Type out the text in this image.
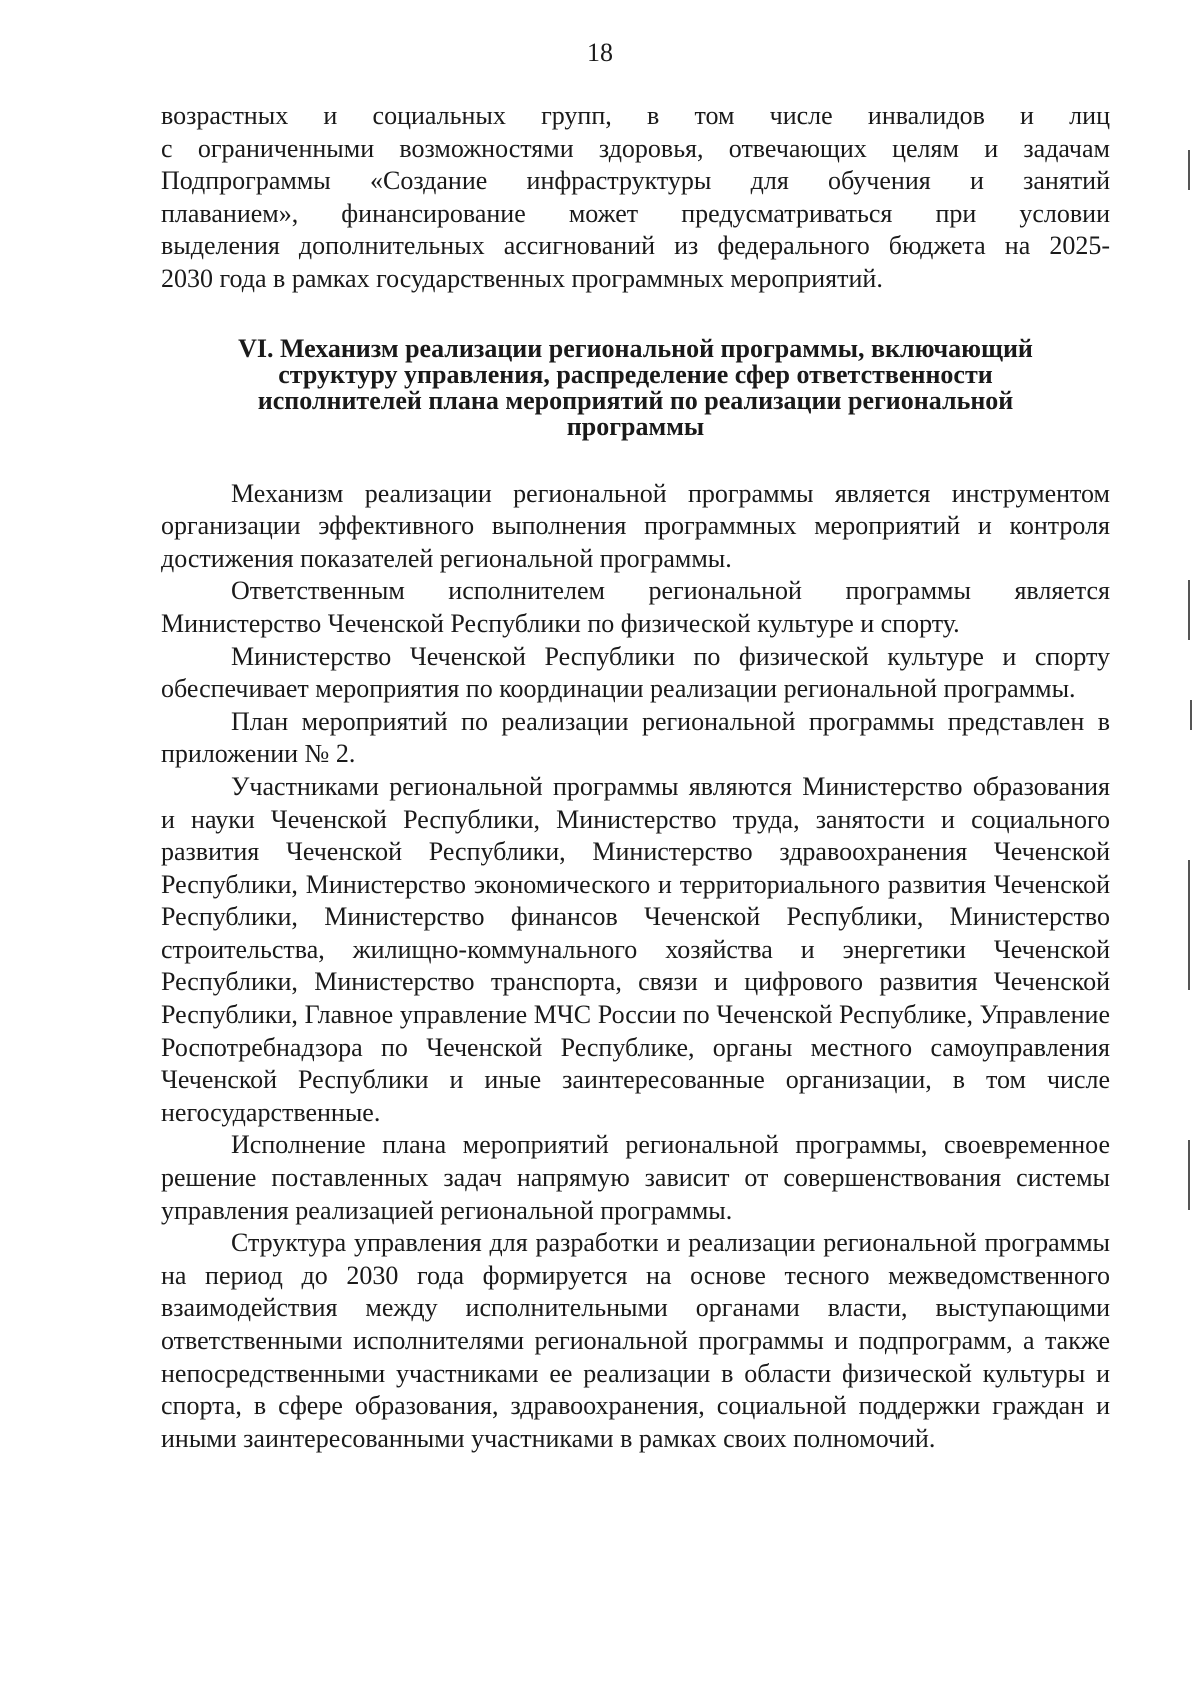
18

возрастных и социальных групп, в том числе инвалидов и лиц

с ограниченными возможностями здоровья, отвечающих целям и задачам

Подпрограммы «Создание инфраструктуры для обучения и занятий

плаванием», финансирование может предусматриваться при условии

выделения дополнительных ассигнований из федерального бюджета на 2025-

2030 года в рамках государственных программных мероприятий.

VI. Механизм реализации региональной программы, включающий
структуру управления, распределение сфер ответственности
исполнителей плана мероприятий по реализации региональной
программы

Механизм реализации региональной программы является инструментом организации эффективного выполнения программных мероприятий и контроля достижения показателей региональной программы.

Ответственным исполнителем региональной программы является Министерство Чеченской Республики по физической культуре и спорту.

Министерство Чеченской Республики по физической культуре и спорту обеспечивает мероприятия по координации реализации региональной программы.

План мероприятий по реализации региональной программы представлен в приложении № 2.

Участниками региональной программы являются Министерство образования и науки Чеченской Республики, Министерство труда, занятости и социального развития Чеченской Республики, Министерство здравоохранения Чеченской Республики, Министерство экономического и территориального развития Чеченской Республики, Министерство финансов Чеченской Республики, Министерство строительства, жилищно-коммунального хозяйства и энергетики Чеченской Республики, Министерство транспорта, связи и цифрового развития Чеченской Республики, Главное управление МЧС России по Чеченской Республике, Управление Роспотребнадзора по Чеченской Республике, органы местного самоуправления Чеченской Республики и иные заинтересованные организации, в том числе негосударственные.

Исполнение плана мероприятий региональной программы, своевременное решение поставленных задач напрямую зависит от совершенствования системы управления реализацией региональной программы.

Структура управления для разработки и реализации региональной программы на период до 2030 года формируется на основе тесного межведомственного взаимодействия между исполнительными органами власти, выступающими ответственными исполнителями региональной программы и подпрограмм, а также непосредственными участниками ее реализации в области физической культуры и спорта, в сфере образования, здравоохранения, социальной поддержки граждан и иными заинтересованными участниками в рамках своих полномочий.
